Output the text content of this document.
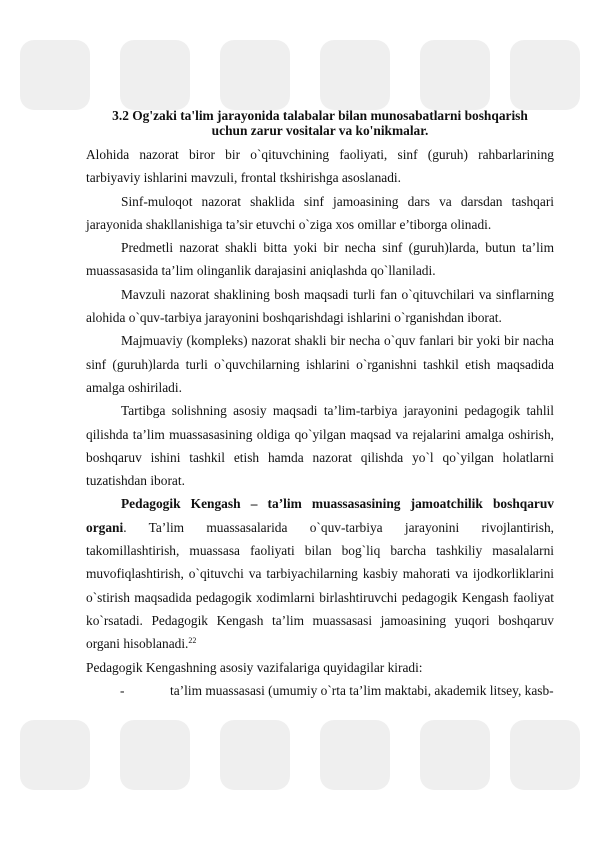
3.2 Og'zaki ta'lim jarayonida talabalar bilan munosabatlarni boshqarish
uchun zarur vositalar va ko'nikmalar.

Alohida nazorat biror bir o`qituvchining faoliyati, sinf (guruh) rahbarlarining tarbiyaviy ishlarini mavzuli, frontal tkshirishga asoslanadi.

Sinf-muloqot nazorat shaklida sinf jamoasining dars va darsdan tashqari jarayonida shakllanishiga ta’sir etuvchi o`ziga xos omillar e’tiborga olinadi.

Predmetli nazorat shakli bitta yoki bir necha sinf (guruh)larda, butun ta’lim muassasasida ta’lim olinganlik darajasini aniqlashda qo`llaniladi.

Mavzuli nazorat shaklining bosh maqsadi turli fan o`qituvchilari va sinflarning alohida o`quv-tarbiya jarayonini boshqarishdagi ishlarini o`rganishdan iborat.

Majmuaviy (kompleks) nazorat shakli bir necha o`quv fanlari bir yoki bir nacha sinf (guruh)larda turli o`quvchilarning ishlarini o`rganishni tashkil etish maqsadida amalga oshiriladi.

Tartibga solishning asosiy maqsadi ta’lim-tarbiya jarayonini pedagogik tahlil qilishda ta’lim muassasasining oldiga qo`yilgan maqsad va rejalarini amalga oshirish, boshqaruv ishini tashkil etish hamda nazorat qilishda yo`l qo`yilgan holatlarni tuzatishdan iborat.

Pedagogik Kengash – ta’lim muassasasining jamoatchilik boshqaruv organi. Ta’lim muassasalarida o`quv-tarbiya jarayonini rivojlantirish, takomillashtirish, muassasa faoliyati bilan bog`liq barcha tashkiliy masalalarni muvofiqlashtirish, o`qituvchi va tarbiyachilarning kasbiy mahorati va ijodkorliklarini o`stirish maqsadida pedagogik xodimlarni birlashtiruvchi pedagogik Kengash faoliyat ko`rsatadi. Pedagogik Kengash ta’lim muassasasi jamoasining yuqori boshqaruv organi hisoblanadi.$^{22}$

Pedagogik Kengashning asosiy vazifalariga quyidagilar kiradi:

-	ta’lim muassasasi (umumiy o`rta ta’lim maktabi, akademik litsey, kasb-
